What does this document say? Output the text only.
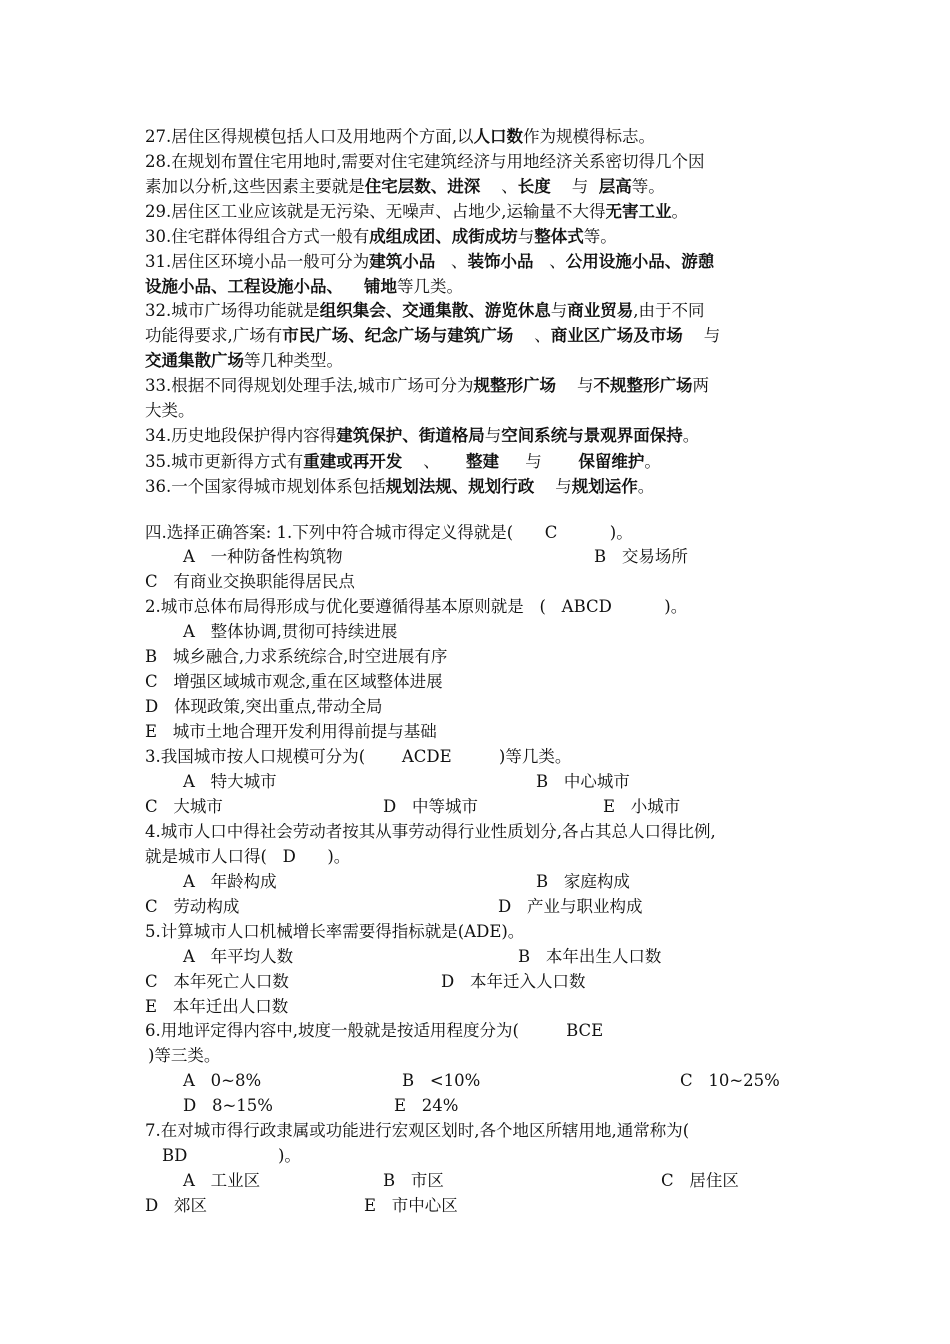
27.居住区得规模包括人口及用地两个方面,以人口数作为规模得标志。
28.在规划布置住宅用地时,需要对住宅建筑经济与用地经济关系密切得几个因
素加以分析,这些因素主要就是住宅层数、进深    、长度    与  层高等。
29.居住区工业应该就是无污染、无噪声、占地少,运输量不大得无害工业。
30.住宅群体得组合方式一般有成组成团、成街成坊与整体式等。
31.居住区环境小品一般可分为建筑小品   、装饰小品   、公用设施小品、游憩
设施小品、工程设施小品、 铺地等几类。
32.城市广场得功能就是组织集会、交通集散、游览休息与商业贸易,由于不同
功能得要求,广场有市民广场、纪念广场与建筑广场    、商业区广场及市场    与
交通集散广场等几种类型。
33.根据不同得规划处理手法,城市广场可分为规整形广场    与不规整形广场两
大类。
34.历史地段保护得内容得建筑保护、街道格局与空间系统与景观界面保持。
35.城市更新得方式有重建或再开发    、     整建     与       保留维护。
36.一个国家得城市规划体系包括规划法规、规划行政    与规划运作。
四.选择正确答案: 1.下列中符合城市得定义得就是(      C          )。
A   一种防备性构筑物	B   交易场所
C   有商业交换职能得居民点
2.城市总体布局得形成与优化要遵循得基本原则就是   (   ABCD          )。
A   整体协调,贯彻可持续进展
B   城乡融合,力求系统综合,时空进展有序
C   增强区域城市观念,重在区域整体进展
D   体现政策,突出重点,带动全局
E   城市土地合理开发利用得前提与基础
3.我国城市按人口规模可分为(       ACDE         )等几类。
A   特大城市	B   中心城市
C   大城市	D   中等城市	E   小城市
4.城市人口中得社会劳动者按其从事劳动得行业性质划分,各占其总人口得比例,
就是城市人口得(   D      )。
A   年龄构成	B   家庭构成
C   劳动构成	D   产业与职业构成
5.计算城市人口机械增长率需要得指标就是(ADE)。
A   年平均人数	B   本年出生人口数
C   本年死亡人口数	D   本年迁入人口数
E   本年迁出人口数
6.用地评定得内容中,坡度一般就是按适用程度分为(         BCE
)等三类。
A   0~8%	B   <10%	C   10~25%
D   8~15%	E   24%
7.在对城市得行政隶属或功能进行宏观区划时,各个地区所辖用地,通常称为(
BD	)。
A   工业区	B   市区	C   居住区
D   郊区	E   市中心区
